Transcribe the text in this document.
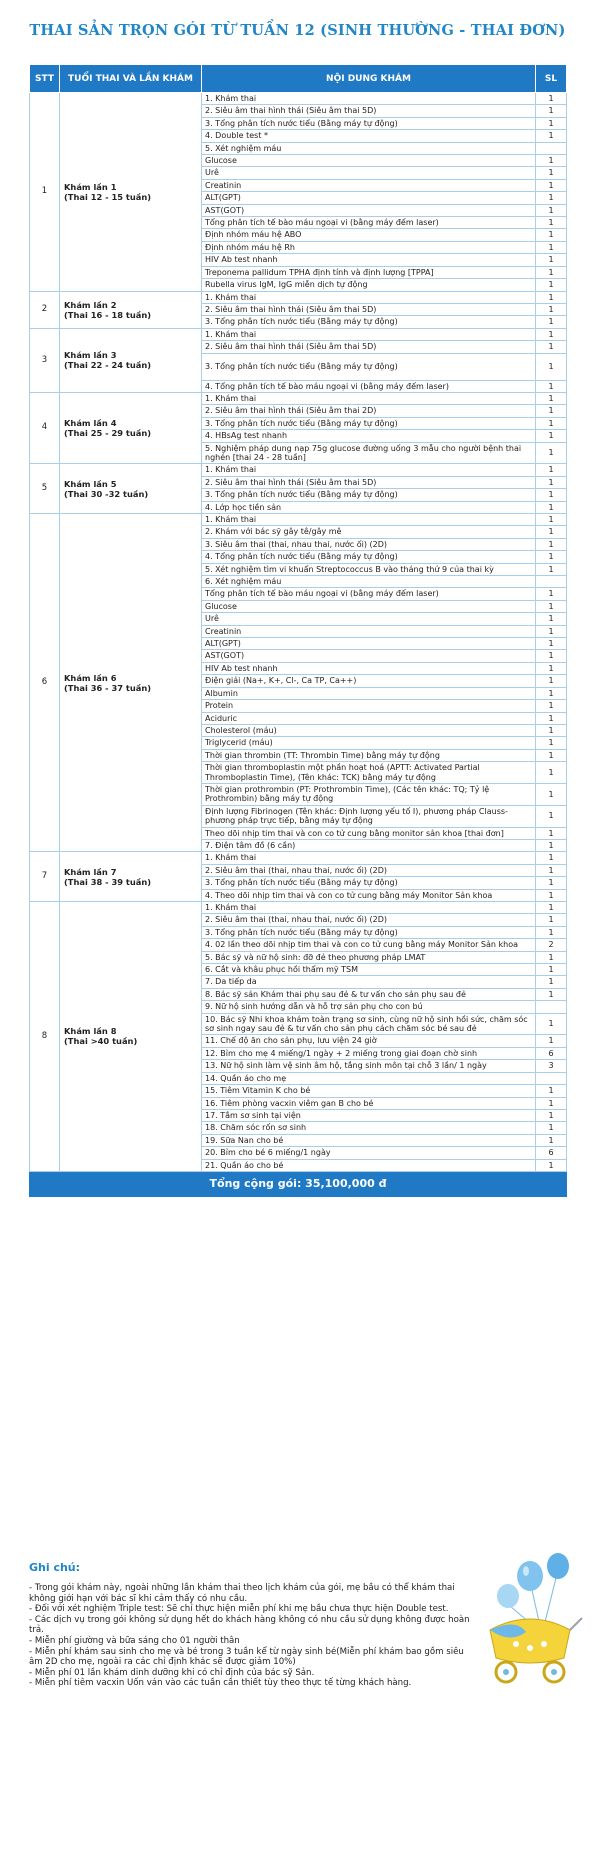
THAI SẢN TRỌN GÓI TỪ TUẦN 12 (SINH THƯỜNG - THAI ĐƠN)
STT	TUỔI THAI VÀ LẦN KHÁM	NỘI DUNG KHÁM	SL
1	Khám lần 1
(Thai 12 - 15 tuần)	1. Khám thai	1
		2. Siêu âm thai hình thái (Siêu âm thai 5D)	1
		3. Tổng phân tích nước tiểu (Bằng máy tự động)	1
		4. Double test *	1
		5. Xét nghiệm máu	
		Glucose	1
		Urê	1
		Creatinin	1
		ALT(GPT)	1
		AST(GOT)	1
		Tổng phân tích tế bào máu ngoại vi (bằng máy đếm laser)	1
		Định nhóm máu hệ ABO	1
		Định nhóm máu hệ Rh	1
		HIV Ab test nhanh	1
		Treponema pallidum TPHA định tính và định lượng [TPPA]	1
		Rubella virus IgM, IgG miễn dịch tự động	1
2	Khám lần 2
(Thai 16 - 18 tuần)	1. Khám thai	1
		2. Siêu âm thai hình thái (Siêu âm thai 5D)	1
		3. Tổng phân tích nước tiểu (Bằng máy tự động)	1
3	Khám lần 3
(Thai 22 - 24 tuần)	1. Khám thai	1
		2. Siêu âm thai hình thái (Siêu âm thai 5D)	1
		3. Tổng phân tích nước tiểu (Bằng máy tự động)	1
		4. Tổng phân tích tế bào máu ngoại vi (bằng máy đếm laser)	1
4	Khám lần 4
(Thai 25 - 29 tuần)	1. Khám thai	1
		2. Siêu âm thai hình thái (Siêu âm thai 2D)	1
		3. Tổng phân tích nước tiểu (Bằng máy tự động)	1
		4. HBsAg test nhanh	1
		5. Nghiệm pháp dung nạp 75g glucose đường uống 3 mẫu cho người bệnh thai nghén [thai 24 - 28 tuần]	1
5	Khám lần 5
(Thai 30 -32 tuần)	1. Khám thai	1
		2. Siêu âm thai hình thái (Siêu âm thai 5D)	1
		3. Tổng phân tích nước tiểu (Bằng máy tự động)	1
		4. Lớp học tiền sản	1
6	Khám lần 6
(Thai 36 - 37 tuần)	1. Khám thai	1
		2. Khám với bác sỹ gây tê/gây mê	1
		3. Siêu âm thai (thai, nhau thai, nước ối) (2D)	1
		4. Tổng phân tích nước tiểu (Bằng máy tự động)	1
		5. Xét nghiệm tìm vi khuẩn Streptococcus B vào tháng thứ 9 của thai kỳ	1
		6. Xét nghiệm máu	
		Tổng phân tích tế bào máu ngoại vi (bằng máy đếm laser)	1
		Glucose	1
		Urê	1
		Creatinin	1
		ALT(GPT)	1
		AST(GOT)	1
		HIV Ab test nhanh	1
		Điện giải (Na+, K+, Cl-, Ca TP, Ca++)	1
		Albumin	1
		Protein	1
		Aciduric	1
		Cholesterol (máu)	1
		Triglycerid (máu)	1
		Thời gian thrombin (TT: Thrombin Time) bằng máy tự động	1
		Thời gian thromboplastin một phần hoạt hoá (APTT: Activated Partial Thromboplastin Time), (Tên khác: TCK) bằng máy tự động	1
		Thời gian prothrombin (PT: Prothrombin Time), (Các tên khác: TQ; Tỷ lệ Prothrombin) bằng máy tự động	1
		Định lượng Fibrinogen (Tên khác: Định lượng yếu tố I), phương pháp Clauss- phương pháp trực tiếp, bằng máy tự động	1
		Theo dõi nhịp tim thai và con co tử cung bằng monitor sản khoa [thai đơn]	1
		7. Điện tâm đồ (6 cần)	1
7	Khám lần 7
(Thai 38 - 39 tuần)	1. Khám thai	1
		2. Siêu âm thai (thai, nhau thai, nước ối) (2D)	1
		3. Tổng phân tích nước tiểu (Bằng máy tự động)	1
		4. Theo dõi nhịp tim thai và con co tử cung bằng máy Monitor Sản khoa	1
8	Khám lần 8
(Thai >40 tuần)	1. Khám thai	1
		2. Siêu âm thai (thai, nhau thai, nước ối) (2D)	1
		3. Tổng phân tích nước tiểu (Bằng máy tự động)	1
		4. 02 lần theo dõi nhịp tim thai và con co tử cung bằng máy Monitor Sản khoa	2
		5. Bác sỹ và nữ hộ sinh: đỡ đẻ theo phương pháp LMAT	1
		6. Cắt và khâu phục hồi thẩm mỹ TSM	1
		7. Da tiếp da	1
		8. Bác sỹ sản Khám thai phụ sau đẻ & tư vấn cho sản phụ sau đẻ	1
		9. Nữ hộ sinh hướng dẫn và hỗ trợ sản phụ cho con bú	
		10. Bác sỹ Nhi khoa khám toàn trạng sơ sinh, cùng nữ hộ sinh hồi sức, chăm sóc sơ sinh ngay sau đẻ & tư vấn cho sản phụ cách chăm sóc bé sau đẻ	1
		11. Chế độ ăn cho sản phụ, lưu viện 24 giờ	1
		12. Bỉm cho mẹ 4 miếng/1 ngày + 2 miếng trong giai đoạn chờ sinh	6
		13. Nữ hộ sinh làm vệ sinh âm hộ, tắng sinh môn tại chỗ 3 lần/ 1 ngày	3
		14. Quần áo cho mẹ	
		15. Tiêm Vitamin K cho bé	1
		16. Tiêm phòng vacxin viêm gan B cho bé	1
		17. Tắm sơ sinh tại viện	1
		18. Chăm sóc rốn sơ sinh	1
		19. Sữa Nan cho bé	1
		20. Bỉm cho bé 6 miếng/1 ngày	6
		21. Quần áo cho bé	1
Tổng cộng gói: 35,100,000 đ			
Ghi chú:
- Trong gói khám này, ngoài những lần khám thai theo lịch khám của gói, mẹ bầu có thể khám thai không giới hạn với bác sĩ khi cảm thấy có nhu cầu.
- Đối với xét nghiệm Triple test: Sẽ chỉ thực hiện miễn phí khi mẹ bầu chưa thực hiện Double test.
- Các dịch vụ trong gói không sử dụng hết do khách hàng không có nhu cầu sử dụng không được hoàn trả.
- Miễn phí giường và bữa sáng cho 01 người thân
- Miễn phí khám sau sinh cho mẹ và bé trong 3 tuần kể từ ngày sinh bé(Miễn phí khám bao gồm siêu âm 2D cho mẹ, ngoài ra các chỉ định khác sẽ được giảm 10%)
- Miễn phí 01 lần khám dinh dưỡng khi có chỉ định của bác sỹ Sản.
- Miễn phí tiêm vacxin Uốn ván vào các tuần cần thiết tùy theo thực tế từng khách hàng.
